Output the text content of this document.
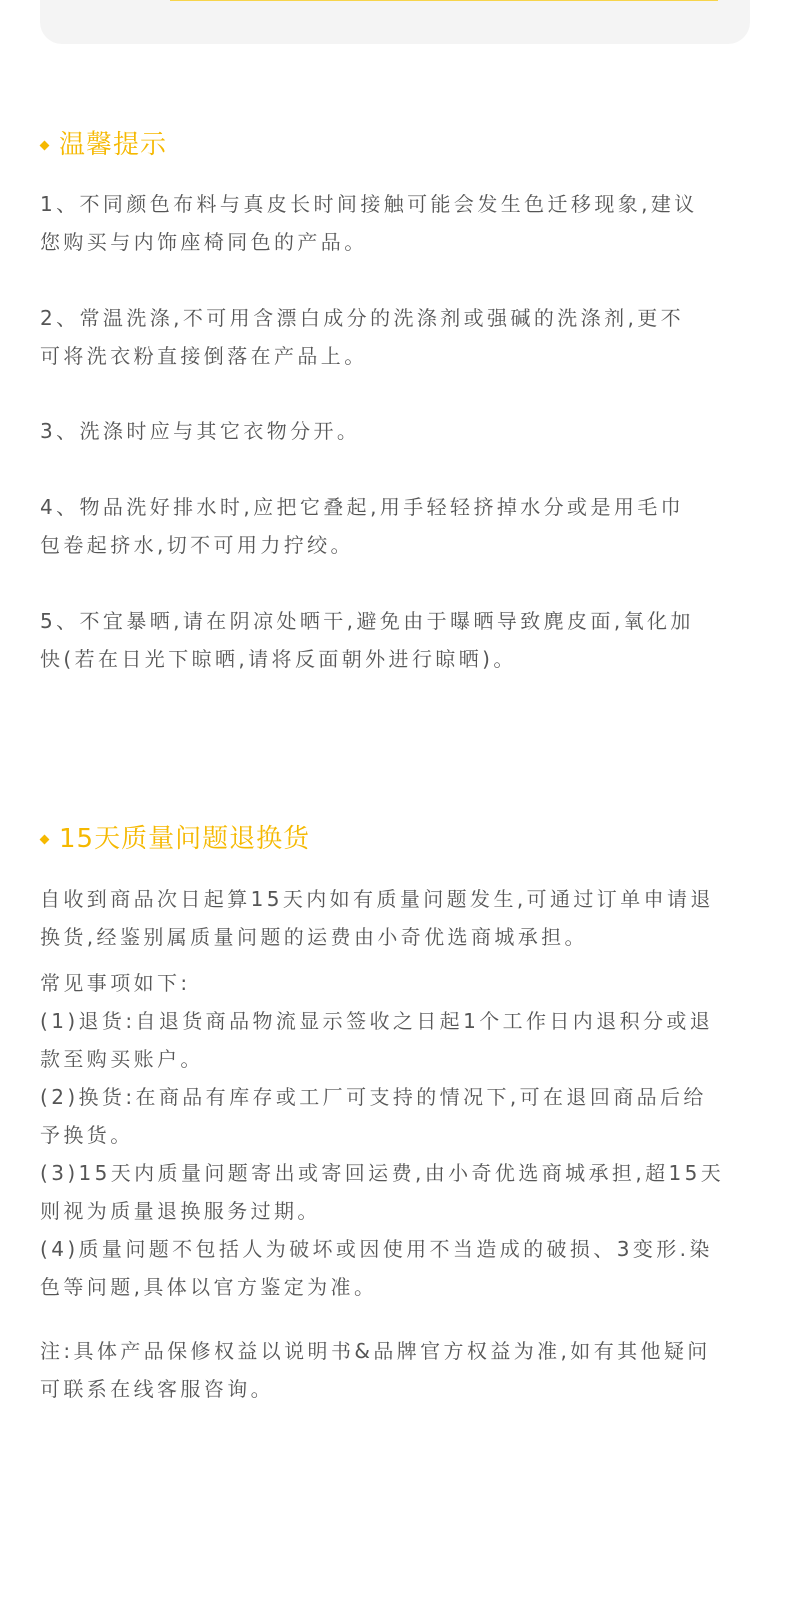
温馨提示
1、不同颜色布料与真皮长时间接触可能会发生色迁移现象,建议
您购买与内饰座椅同色的产品。
2、常温洗涤,不可用含漂白成分的洗涤剂或强碱的洗涤剂,更不
可将洗衣粉直接倒落在产品上。
3、洗涤时应与其它衣物分开。
4、物品洗好排水时,应把它叠起,用手轻轻挤掉水分或是用毛巾
包卷起挤水,切不可用力拧绞。
5、不宜暴晒,请在阴凉处晒干,避免由于曝晒导致麂皮面,氧化加
快(若在日光下晾晒,请将反面朝外进行晾晒)。
15天质量问题退换货
自收到商品次日起算15天内如有质量问题发生,可通过订单申请退
换货,经鉴别属质量问题的运费由小奇优选商城承担。
常见事项如下:
(1)退货:自退货商品物流显示签收之日起1个工作日内退积分或退
款至购买账户。
(2)换货:在商品有库存或工厂可支持的情况下,可在退回商品后给
予换货。
(3)15天内质量问题寄出或寄回运费,由小奇优选商城承担,超15天
则视为质量退换服务过期。
(4)质量问题不包括人为破坏或因使用不当造成的破损、3变形.染
色等问题,具体以官方鉴定为准。
注:具体产品保修权益以说明书&品牌官方权益为准,如有其他疑问
可联系在线客服咨询。
